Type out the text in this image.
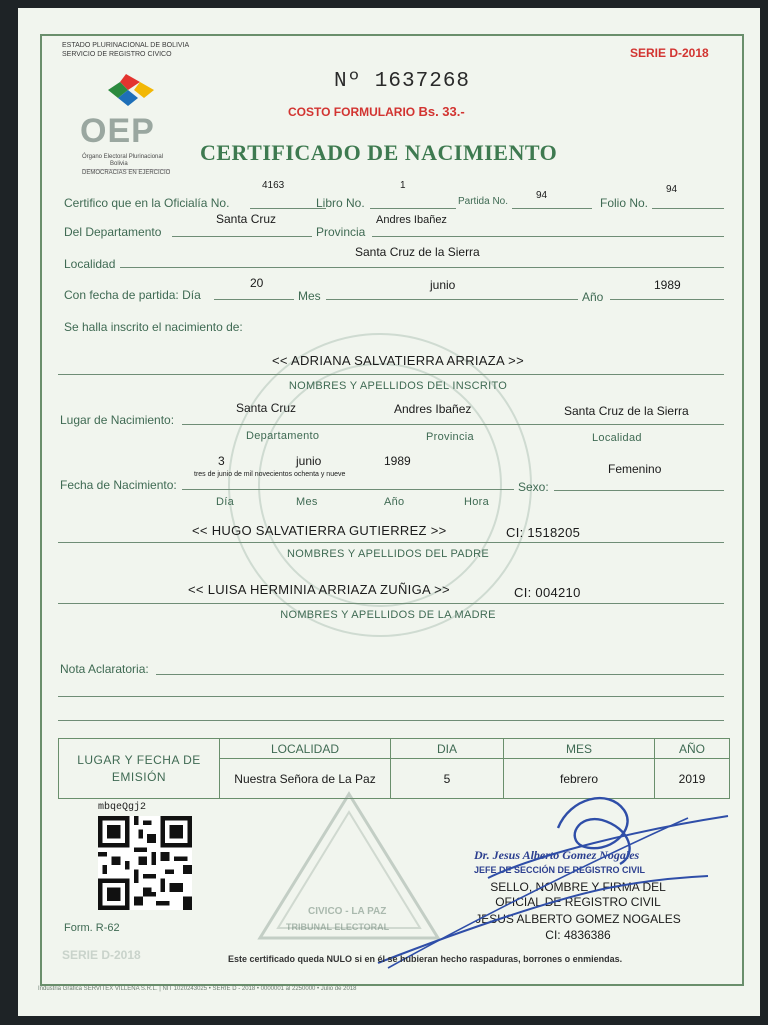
ESTADO PLURINACIONAL DE BOLIVIA
SERVICIO DE REGISTRO CIVICO	SERIE D-2018
OEP
Órgano Electoral Plurinacional
Bolivia
DEMOCRACIAS EN EJERCICIO
Nº 1637268
COSTO FORMULARIO Bs. 33.-
CERTIFICADO DE NACIMIENTO
Certifico que en la Oficialía No.
4163
Libro No.
1
Partida No.
94
Folio No.
94
Del Departamento
Santa Cruz
Provincia
Andres Ibañez
Localidad
Santa Cruz de la Sierra
Con fecha de partida: Día
20
Mes
junio
Año
1989
Se halla inscrito el nacimiento de:
<< ADRIANA SALVATIERRA ARRIAZA >>
NOMBRES Y APELLIDOS DEL INSCRITO
Lugar de Nacimiento:
Santa Cruz	Andres Ibañez	Santa Cruz de la Sierra
Departamento	Provincia	Localidad
3	junio	1989
tres de junio de mil novecientos ochenta y nueve	Femenino
Fecha de Nacimiento:	Sexo:
Día	Mes	Año	Hora
<< HUGO SALVATIERRA GUTIERREZ >>	CI: 1518205
NOMBRES Y APELLIDOS DEL PADRE
<< LUISA HERMINIA ARRIAZA ZUÑIGA >>	CI: 004210
NOMBRES Y APELLIDOS DE LA MADRE
Nota Aclaratoria:
LUGAR Y FECHA DE EMISIÓN	LOCALIDAD	DIA	MES	AÑO
	Nuestra Señora de La Paz	5	febrero	2019
mbqeQgj2
Form. R-62
SERIE D-2018
CIVICO - LA PAZ
TRIBUNAL ELECTORAL
Dr. Jesus Alberto Gomez Nogales
JEFE DE SECCIÓN DE REGISTRO CIVIL
SELLO, NOMBRE Y FIRMA DEL
OFICIAL DE REGISTRO CIVIL
JESUS ALBERTO GOMEZ NOGALES
CI: 4836386
Este certificado queda NULO si en él se hubieran hecho raspaduras, borrones o enmiendas.
Industria Gráfica SERVITEX VILLENA S.R.L. | NIT 1020243025 • SERIE D - 2018 • 0000001 al 2250000 • Julio de 2018
